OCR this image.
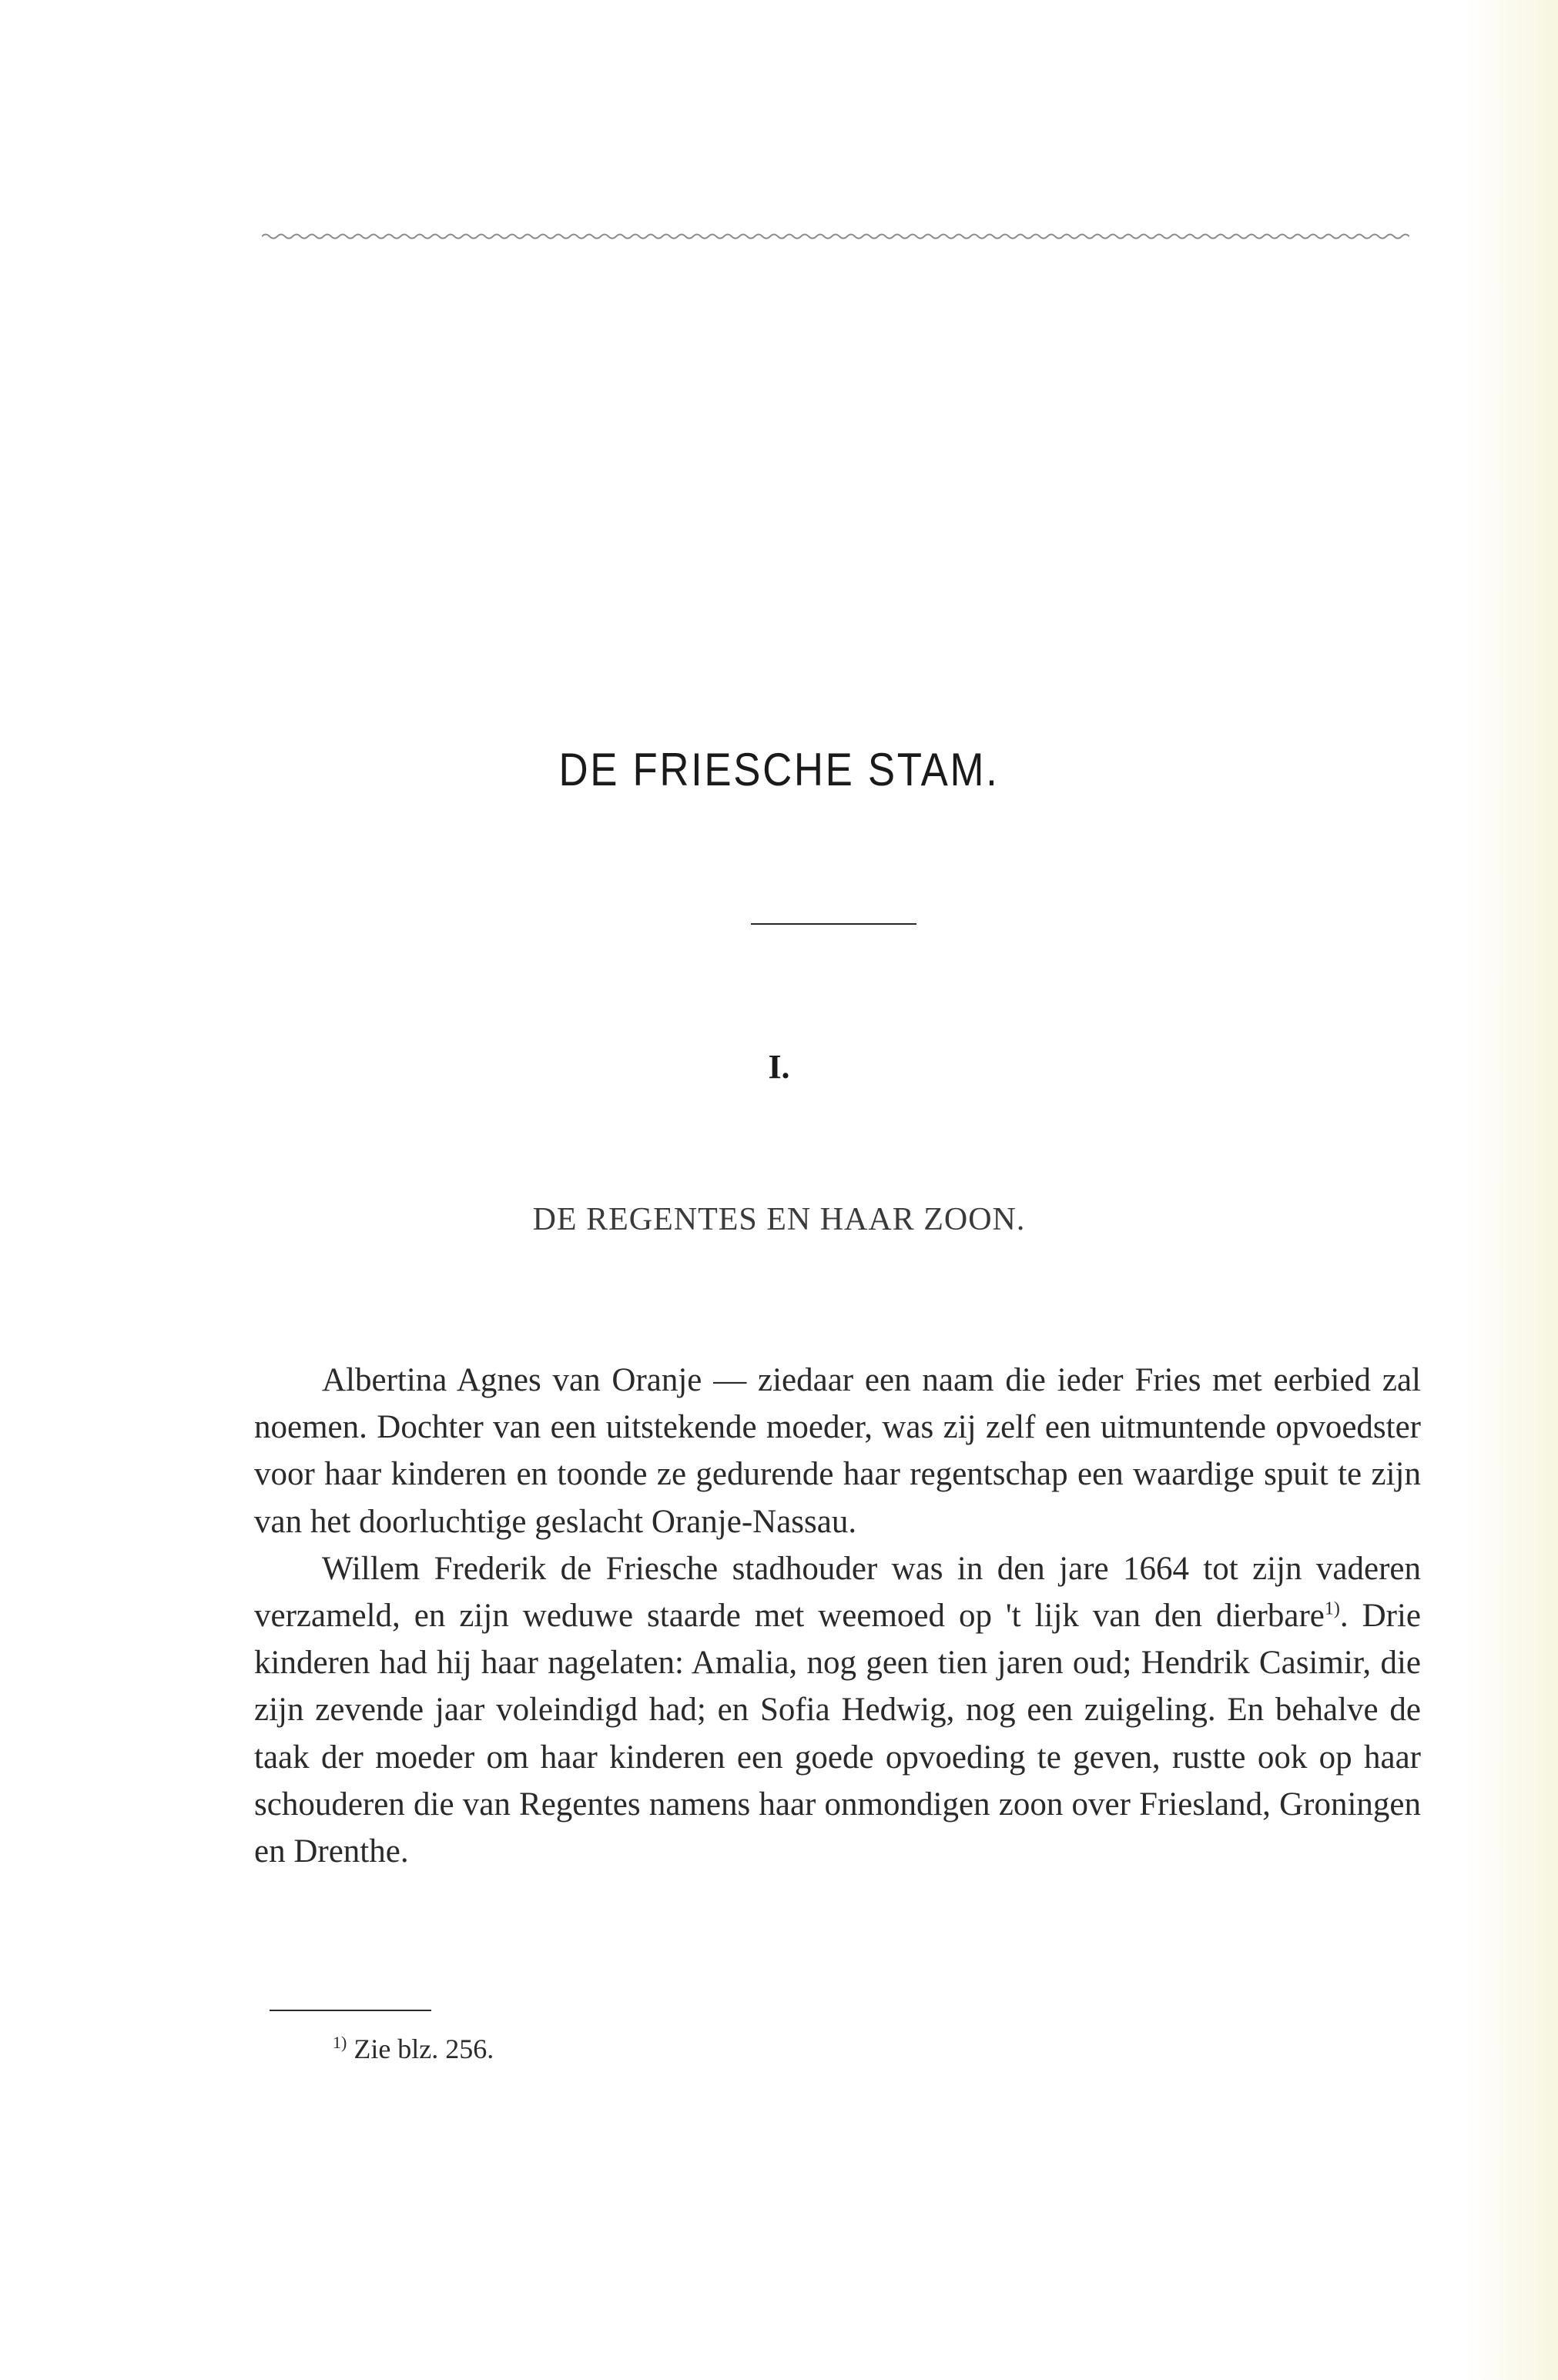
DE FRIESCHE STAM.
I.
DE REGENTES EN HAAR ZOON.

Albertina Agnes van Oranje — ziedaar een naam die ieder Fries met eerbied zal noemen. Dochter van een uitstekende moeder, was zij zelf een uitmuntende opvoedster voor haar kinderen en toonde ze gedurende haar regentschap een waardige spuit te zijn van het doorluchtige geslacht Oranje-Nassau.

Willem Frederik de Friesche stadhouder was in den jare 1664 tot zijn vaderen verzameld, en zijn weduwe staarde met weemoed op 't lijk van den dierbare$^{1)}$. Drie kinderen had hij haar nagelaten: Amalia, nog geen tien jaren oud; Hendrik Casimir, die zijn zevende jaar voleindigd had; en Sofia Hedwig, nog een zuigeling. En behalve de taak der moeder om haar kinderen een goede opvoeding te geven, rustte ook op haar schouderen die van Regentes namens haar onmondigen zoon over Friesland, Groningen en Drenthe.

$^{1)}$ Zie blz. 256.
